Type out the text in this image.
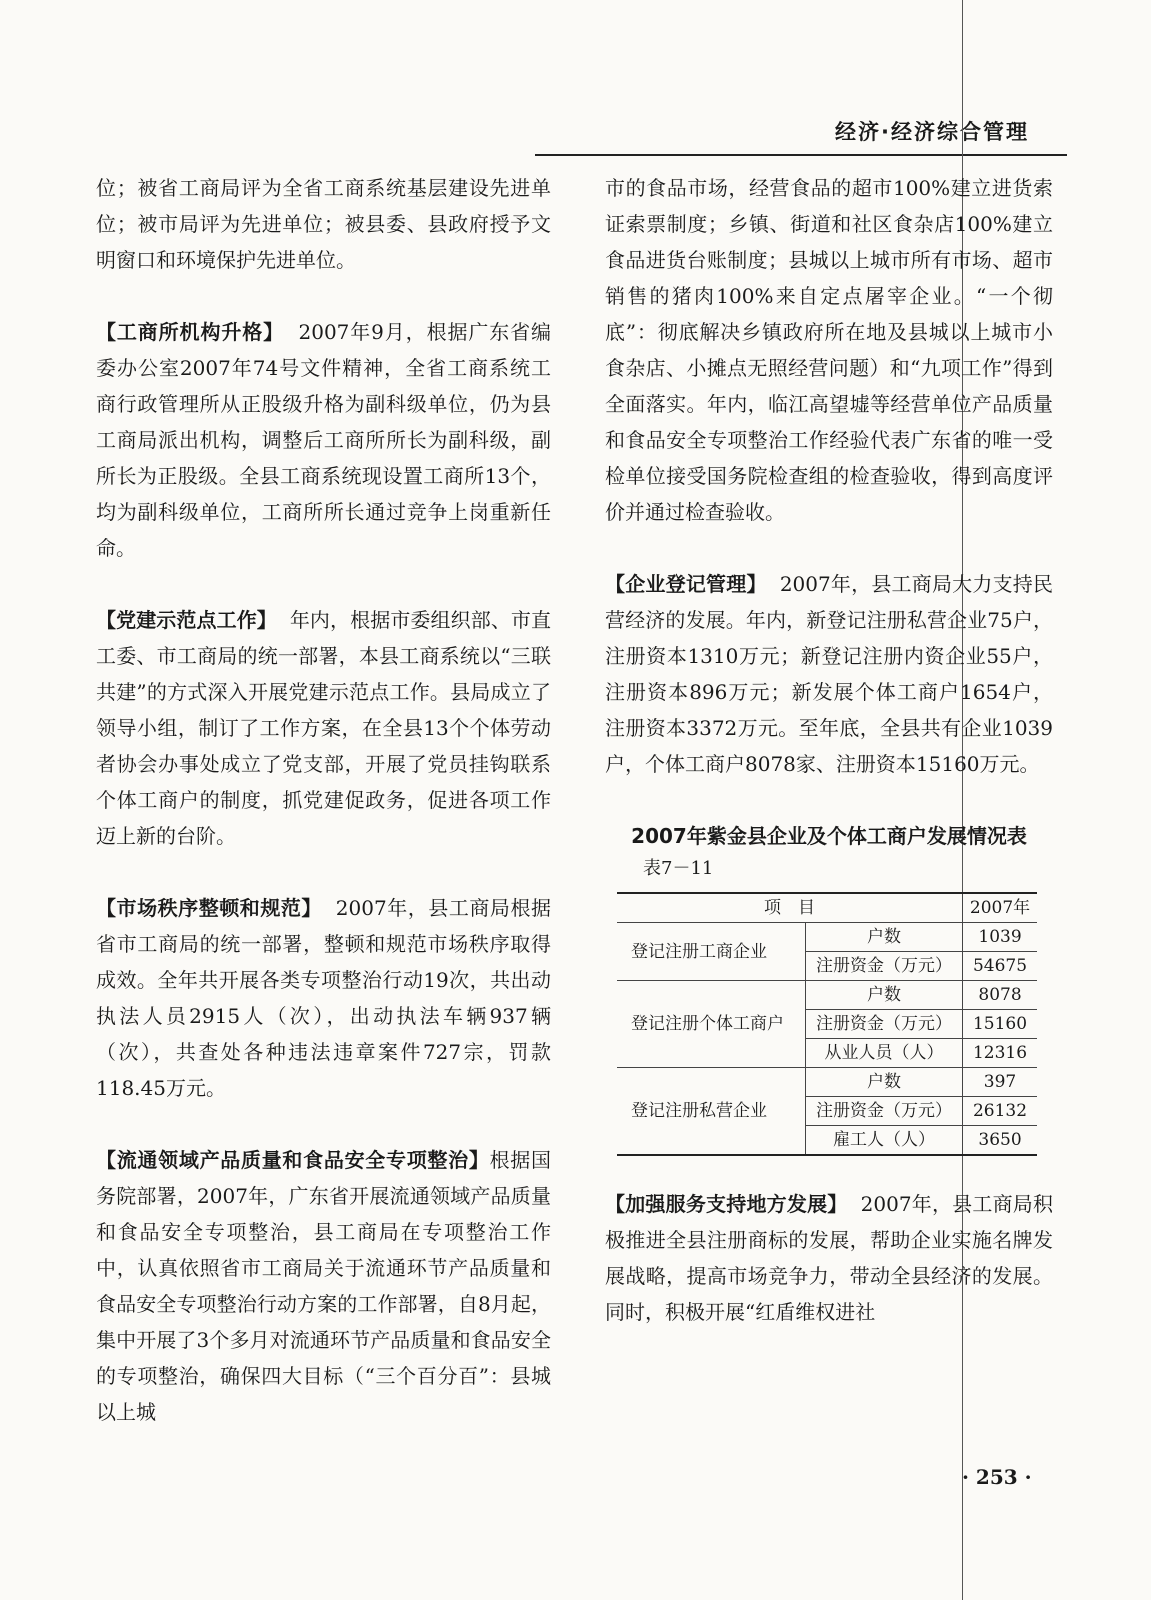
经济·经济综合管理

位；被省工商局评为全省工商系统基层建设先进单位；被市局评为先进单位；被县委、县政府授予文明窗口和环境保护先进单位。

【工商所机构升格】 2007年9月，根据广东省编委办公室2007年74号文件精神，全省工商系统工商行政管理所从正股级升格为副科级单位，仍为县工商局派出机构，调整后工商所所长为副科级，副所长为正股级。全县工商系统现设置工商所13个，均为副科级单位，工商所所长通过竞争上岗重新任命。

【党建示范点工作】 年内，根据市委组织部、市直工委、市工商局的统一部署，本县工商系统以“三联共建”的方式深入开展党建示范点工作。县局成立了领导小组，制订了工作方案，在全县13个个体劳动者协会办事处成立了党支部，开展了党员挂钩联系个体工商户的制度，抓党建促政务，促进各项工作迈上新的台阶。

【市场秩序整顿和规范】 2007年，县工商局根据省市工商局的统一部署，整顿和规范市场秩序取得成效。全年共开展各类专项整治行动19次，共出动执法人员2915人（次），出动执法车辆937辆（次），共查处各种违法违章案件727宗，罚款118.45万元。

【流通领域产品质量和食品安全专项整治】根据国务院部署，2007年，广东省开展流通领域产品质量和食品安全专项整治，县工商局在专项整治工作中，认真依照省市工商局关于流通环节产品质量和食品安全专项整治行动方案的工作部署，自8月起，集中开展了3个多月对流通环节产品质量和食品安全的专项整治，确保四大目标（“三个百分百”：县城以上城

市的食品市场，经营食品的超市100%建立进货索证索票制度；乡镇、街道和社区食杂店100%建立食品进货台账制度；县城以上城市所有市场、超市销售的猪肉100%来自定点屠宰企业。“一个彻底”：彻底解决乡镇政府所在地及县城以上城市小食杂店、小摊点无照经营问题）和“九项工作”得到全面落实。年内，临江高望墟等经营单位产品质量和食品安全专项整治工作经验代表广东省的唯一受检单位接受国务院检查组的检查验收，得到高度评价并通过检查验收。

【企业登记管理】 2007年，县工商局大力支持民营经济的发展。年内，新登记注册私营企业75户，注册资本1310万元；新登记注册内资企业55户，注册资本896万元；新发展个体工商户1654户，注册资本3372万元。至年底，全县共有企业1039户，个体工商户8078家、注册资本15160万元。

2007年紫金县企业及个体工商户发展情况表

表7－11

项　目		2007年
登记注册工商企业	户数	1039
	注册资金（万元）	54675
登记注册个体工商户	户数	8078
	注册资金（万元）	15160
	从业人员（人）	12316
登记注册私营企业	户数	397
	注册资金（万元）	26132
	雇工人（人）	3650

【加强服务支持地方发展】 2007年，县工商局积极推进全县注册商标的发展，帮助企业实施名牌发展战略，提高市场竞争力，带动全县经济的发展。同时，积极开展“红盾维权进社

· 253 ·
